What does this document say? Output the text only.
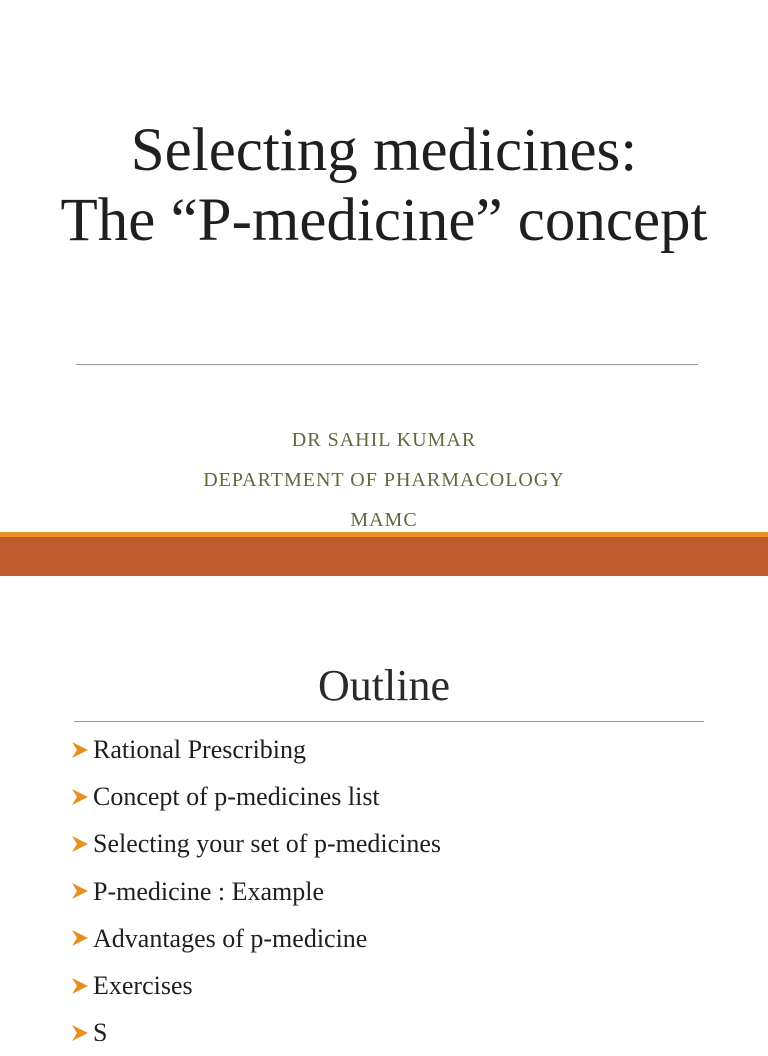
Selecting medicines:
The “P-medicine” concept
DR SAHIL KUMAR
DEPARTMENT OF PHARMACOLOGY
MAMC
Outline
Rational Prescribing
Concept of p-medicines list
Selecting your set of p-medicines
P-medicine : Example
Advantages of p-medicine
Exercises
S
